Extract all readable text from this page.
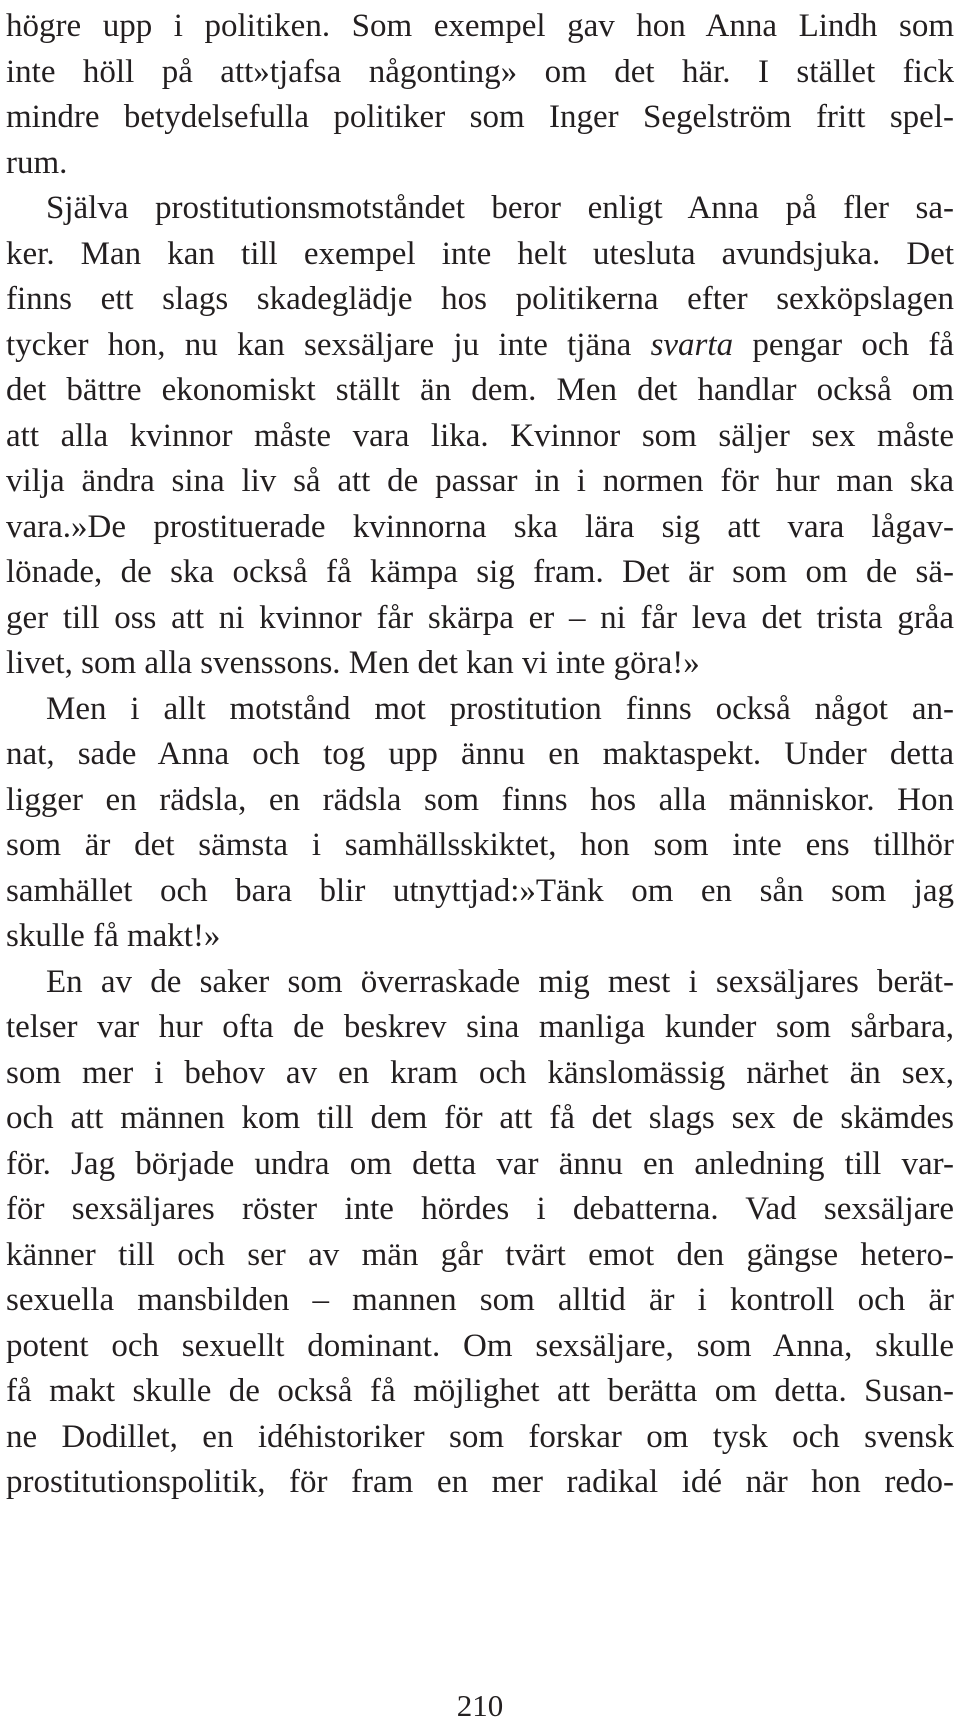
högre upp i politiken. Som exempel gav hon Anna Lindh som
inte höll på att»tjafsa någonting» om det här. I stället fick
mindre betydelsefulla politiker som Inger Segelström fritt spel-
rum.
Själva prostitutionsmotståndet beror enligt Anna på fler sa-
ker. Man kan till exempel inte helt utesluta avundsjuka. Det
finns ett slags skadeglädje hos politikerna efter sexköpslagen
tycker hon, nu kan sexsäljare ju inte tjäna svarta pengar och få
det bättre ekonomiskt ställt än dem. Men det handlar också om
att alla kvinnor måste vara lika. Kvinnor som säljer sex måste
vilja ändra sina liv så att de passar in i normen för hur man ska
vara.»De prostituerade kvinnorna ska lära sig att vara lågav-
lönade, de ska också få kämpa sig fram. Det är som om de sä-
ger till oss att ni kvinnor får skärpa er – ni får leva det trista gråa
livet, som alla svenssons. Men det kan vi inte göra!»
Men i allt motstånd mot prostitution finns också något an-
nat, sade Anna och tog upp ännu en maktaspekt. Under detta
ligger en rädsla, en rädsla som finns hos alla människor. Hon
som är det sämsta i samhällsskiktet, hon som inte ens tillhör
samhället och bara blir utnyttjad:»Tänk om en sån som jag
skulle få makt!»
En av de saker som överraskade mig mest i sexsäljares berät-
telser var hur ofta de beskrev sina manliga kunder som sårbara,
som mer i behov av en kram och känslomässig närhet än sex,
och att männen kom till dem för att få det slags sex de skämdes
för. Jag började undra om detta var ännu en anledning till var-
för sexsäljares röster inte hördes i debatterna. Vad sexsäljare
känner till och ser av män går tvärt emot den gängse hetero-
sexuella mansbilden – mannen som alltid är i kontroll och är
potent och sexuellt dominant. Om sexsäljare, som Anna, skulle
få makt skulle de också få möjlighet att berätta om detta. Susan-
ne Dodillet, en idéhistoriker som forskar om tysk och svensk
prostitutionspolitik, för fram en mer radikal idé när hon redo-
210
